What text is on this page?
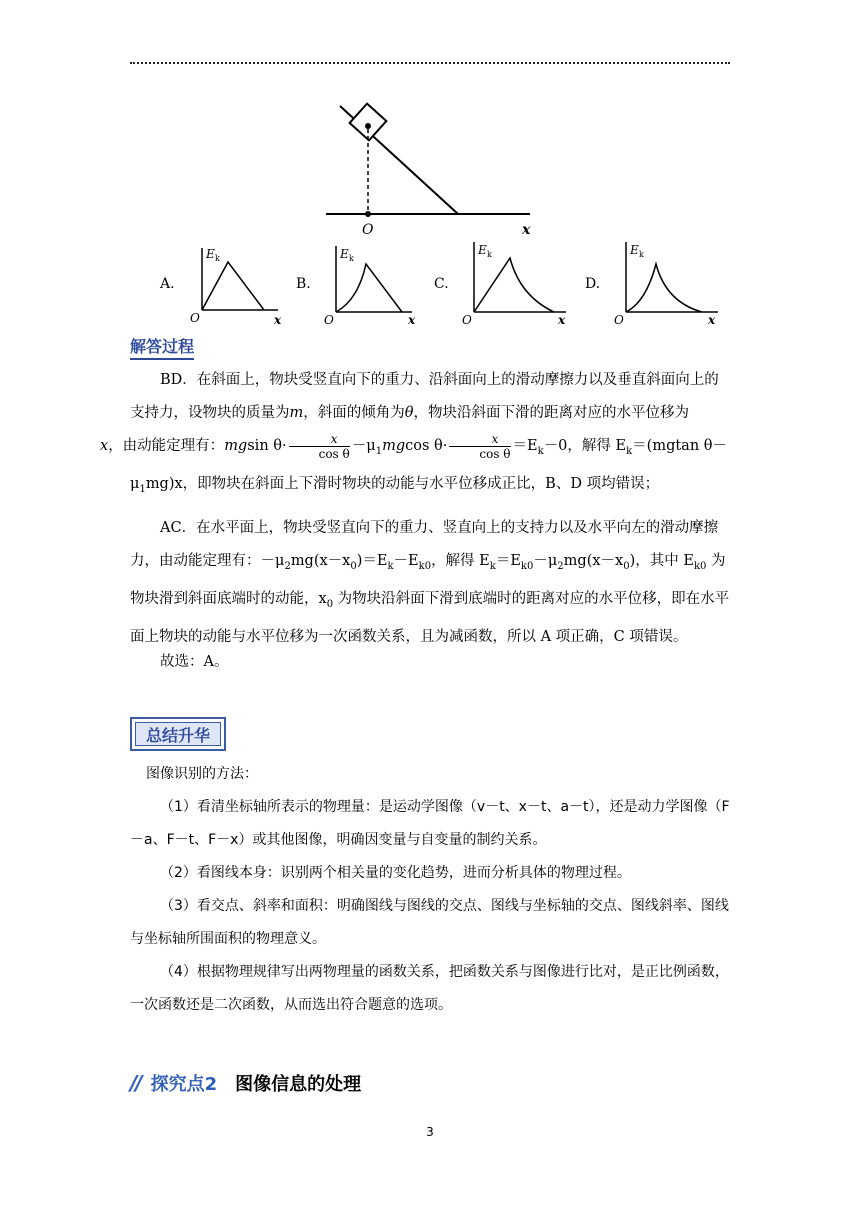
O	x
A.	B.	C.	D.
E k
O	x
E k
O	x
E k
O	x
E k
O	x
解答过程
BD．在斜面上，物块受竖直向下的重力、沿斜面向上的滑动摩擦力以及垂直斜面向上的支持力，设物块的质量为m，斜面的倾角为θ，物块沿斜面下滑的距离对应的水平位移为
x，由动能定理有：mgsin $\theta\cdot \frac{x}{\text{cos θ}} -\mu_1mgcos$ $\theta\cdot \frac{x}{\text{cos θ}} =E_k-0$，解得 $E_k=(mgtan$ $\theta-\mu_1mg)x$，即物块在斜面上下滑时物块的动能与水平位移成正比，B、D 项均错误；
AC．在水平面上，物块受竖直向下的重力、竖直向上的支持力以及水平向左的滑动摩擦力，由动能定理有：$-\mu_2mg(x-x_0)=E_k-E_{k0}$，解得 $E_k=E_{k0}-\mu_2mg(x-x_0)$，其中 $E_{k0}$ 为物块滑到斜面底端时的动能，$x_0$ 为物块沿斜面下滑到底端时的距离对应的水平位移，即在水平面上物块的动能与水平位移为一次函数关系，且为减函数，所以 A 项正确，C 项错误。
故选：A。
总结升华
图像识别的方法：
（1）看清坐标轴所表示的物理量：是运动学图像（v－t、x－t、a－t），还是动力学图像（F－a、F－t、F－x）或其他图像，明确因变量与自变量的制约关系。
（2）看图线本身：识别两个相关量的变化趋势，进而分析具体的物理过程。
（3）看交点、斜率和面积：明确图线与图线的交点、图线与坐标轴的交点、图线斜率、图线与坐标轴所围面积的物理意义。
（4）根据物理规律写出两物理量的函数关系，把函数关系与图像进行比对，是正比例函数，一次函数还是二次函数，从而选出符合题意的选项。
// 探究点2 图像信息的处理
3
